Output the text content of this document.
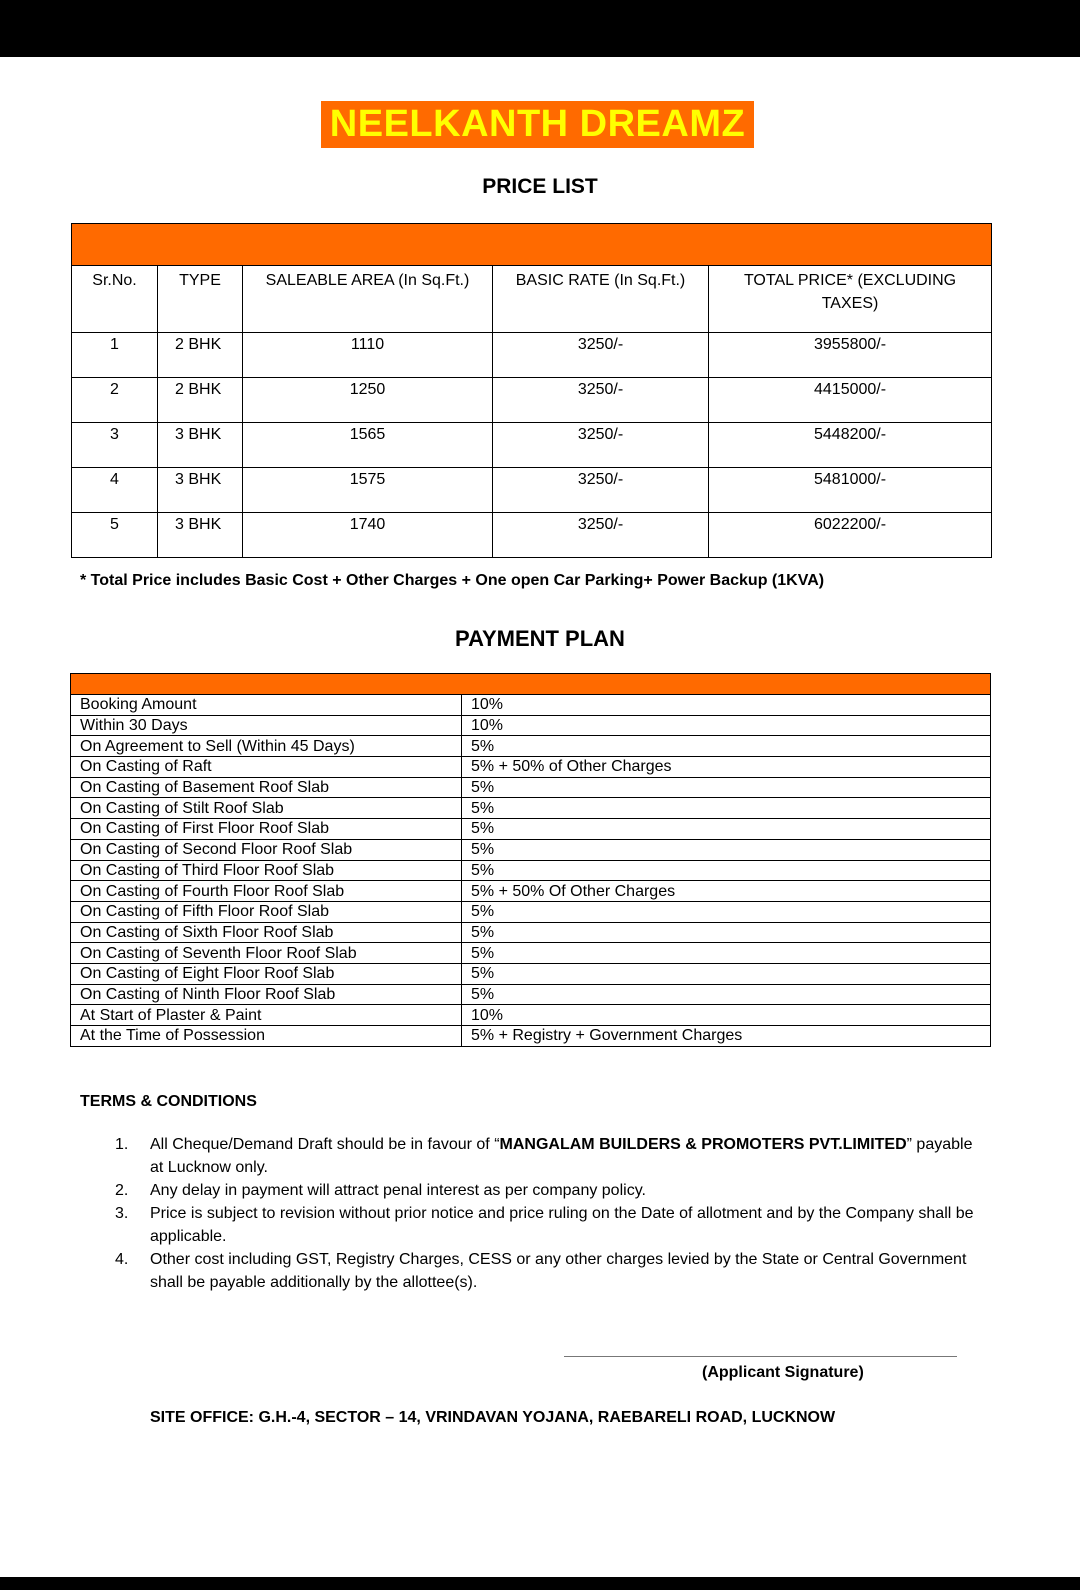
NEELKANTH DREAMZ
PRICE LIST

Sr.No.	TYPE	SALEABLE AREA (In Sq.Ft.)	BASIC RATE (In Sq.Ft.)	TOTAL PRICE* (EXCLUDING TAXES)
1	2 BHK	1110	3250/-	3955800/-
2	2 BHK	1250	3250/-	4415000/-
3	3 BHK	1565	3250/-	5448200/-
4	3 BHK	1575	3250/-	5481000/-
5	3 BHK	1740	3250/-	6022200/-
* Total Price includes Basic Cost + Other Charges + One open Car Parking+ Power Backup (1KVA)
PAYMENT PLAN

Booking Amount	10%
Within 30 Days	10%
On Agreement to Sell (Within 45 Days)	5%
On Casting of Raft	5% + 50% of Other Charges
On Casting of Basement Roof Slab	5%
On Casting of Stilt Roof Slab	5%
On Casting of First Floor Roof Slab	5%
On Casting of Second Floor Roof Slab	5%
On Casting of Third Floor Roof Slab	5%
On Casting of Fourth Floor Roof Slab	5% + 50% Of Other Charges
On Casting of Fifth Floor Roof Slab	5%
On Casting of Sixth Floor Roof Slab	5%
On Casting of Seventh Floor Roof Slab	5%
On Casting of Eight Floor Roof Slab	5%
On Casting of Ninth Floor Roof Slab	5%
At Start of Plaster & Paint	10%
At the Time of Possession	5% + Registry + Government Charges
TERMS & CONDITIONS
1. All Cheque/Demand Draft should be in favour of “MANGALAM BUILDERS & PROMOTERS PVT.LIMITED” payable at Lucknow only.
2. Any delay in payment will attract penal interest as per company policy.
3. Price is subject to revision without prior notice and price ruling on the Date of allotment and by the Company shall be applicable.
4. Other cost including GST, Registry Charges, CESS or any other charges levied by the State or Central Government shall be payable additionally by the allottee(s).
(Applicant Signature)
SITE OFFICE: G.H.-4, SECTOR – 14, VRINDAVAN YOJANA, RAEBARELI ROAD, LUCKNOW
